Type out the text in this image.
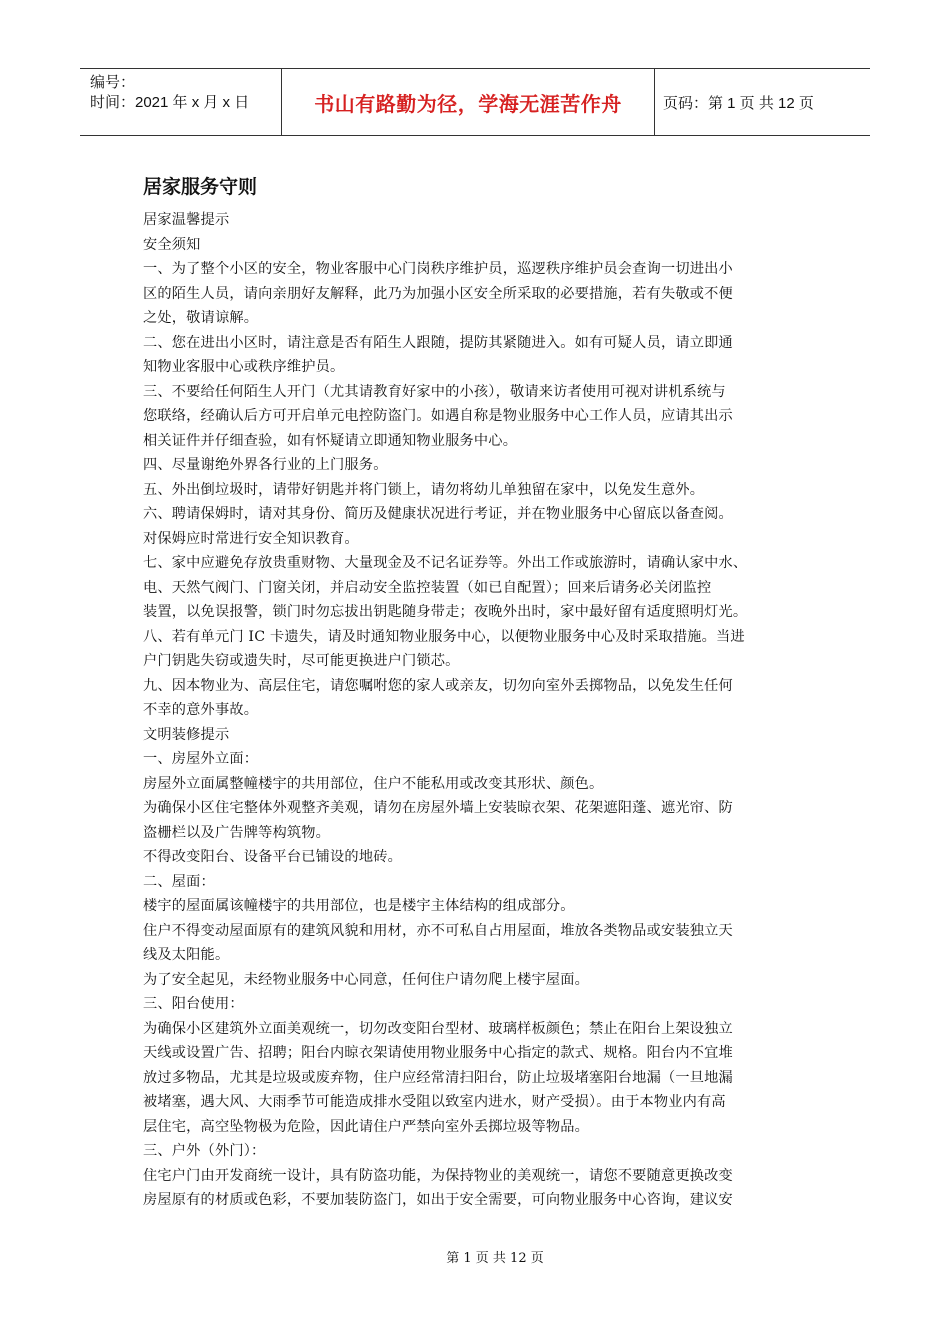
编号：
时间：2021 年 x 月 x 日	书山有路勤为径，学海无涯苦作舟	页码：第 1 页 共 12 页
居家服务守则

居家温馨提示

安全须知

一、为了整个小区的安全，物业客服中心门岗秩序维护员，巡逻秩序维护员会查询一切进出小

区的陌生人员，请向亲朋好友解释，此乃为加强小区安全所采取的必要措施，若有失敬或不便

之处，敬请谅解。

二、您在进出小区时，请注意是否有陌生人跟随，提防其紧随进入。如有可疑人员，请立即通

知物业客服中心或秩序维护员。

三、不要给任何陌生人开门（尤其请教育好家中的小孩），敬请来访者使用可视对讲机系统与

您联络，经确认后方可开启单元电控防盗门。如遇自称是物业服务中心工作人员，应请其出示

相关证件并仔细查验，如有怀疑请立即通知物业服务中心。

四、尽量谢绝外界各行业的上门服务。

五、外出倒垃圾时，请带好钥匙并将门锁上，请勿将幼儿单独留在家中，以免发生意外。

六、聘请保姆时，请对其身份、简历及健康状况进行考证，并在物业服务中心留底以备查阅。

对保姆应时常进行安全知识教育。

七、家中应避免存放贵重财物、大量现金及不记名证券等。外出工作或旅游时，请确认家中水、

电、天然气阀门、门窗关闭，并启动安全监控装置（如已自配置）；回来后请务必关闭监控

装置，以免误报警，锁门时勿忘拔出钥匙随身带走；夜晚外出时，家中最好留有适度照明灯光。

八、若有单元门 IC 卡遗失，请及时通知物业服务中心，以便物业服务中心及时采取措施。当进

户门钥匙失窃或遗失时，尽可能更换进户门锁芯。

九、因本物业为、高层住宅，请您嘱咐您的家人或亲友，切勿向室外丢掷物品，以免发生任何

不幸的意外事故。

文明装修提示

一、房屋外立面：

房屋外立面属整幢楼宇的共用部位，住户不能私用或改变其形状、颜色。

为确保小区住宅整体外观整齐美观，请勿在房屋外墙上安装晾衣架、花架遮阳蓬、遮光帘、防

盗栅栏以及广告牌等构筑物。

不得改变阳台、设备平台已铺设的地砖。

二、屋面：

楼宇的屋面属该幢楼宇的共用部位，也是楼宇主体结构的组成部分。

住户不得变动屋面原有的建筑风貌和用材，亦不可私自占用屋面，堆放各类物品或安装独立天

线及太阳能。

为了安全起见，未经物业服务中心同意，任何住户请勿爬上楼宇屋面。

三、阳台使用：

为确保小区建筑外立面美观统一，切勿改变阳台型材、玻璃样板颜色；禁止在阳台上架设独立

天线或设置广告、招聘；阳台内晾衣架请使用物业服务中心指定的款式、规格。阳台内不宜堆

放过多物品，尤其是垃圾或废弃物，住户应经常清扫阳台，防止垃圾堵塞阳台地漏（一旦地漏

被堵塞，遇大风、大雨季节可能造成排水受阻以致室内进水，财产受损）。由于本物业内有高

层住宅，高空坠物极为危险，因此请住户严禁向室外丢掷垃圾等物品。

三、户外（外门）：

住宅户门由开发商统一设计，具有防盗功能，为保持物业的美观统一，请您不要随意更换改变

房屋原有的材质或色彩，不要加装防盗门，如出于安全需要，可向物业服务中心咨询，建议安

第 1 页 共 12 页
